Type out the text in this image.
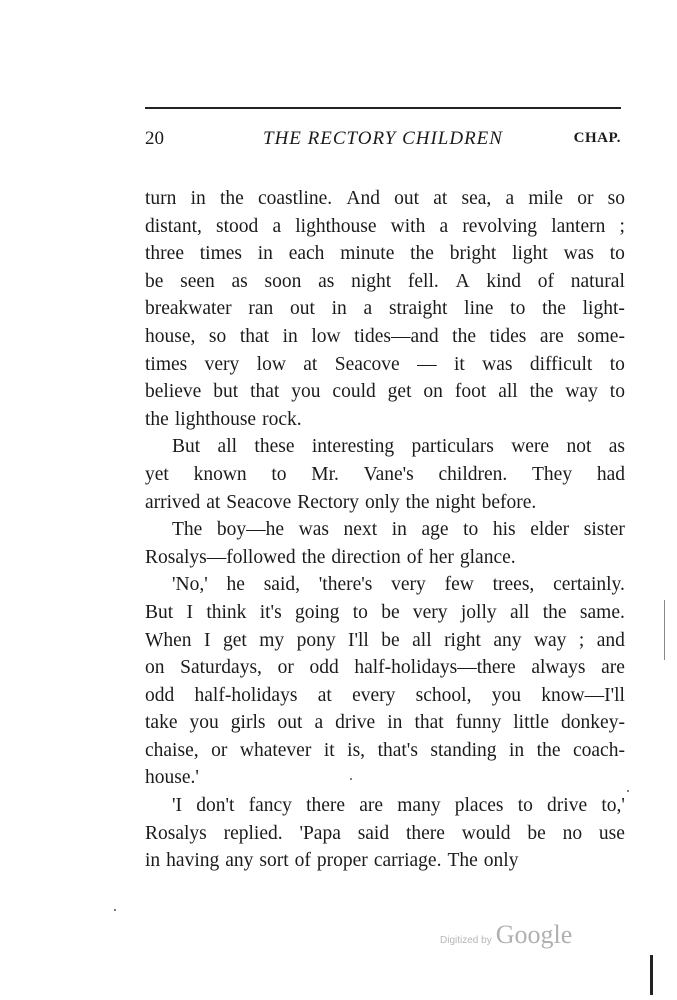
20	THE RECTORY CHILDREN	CHAP.
turn in the coastline. And out at sea, a mile or so
distant, stood a lighthouse with a revolving lantern ;
three times in each minute the bright light was to
be seen as soon as night fell. A kind of natural
breakwater ran out in a straight line to the light-
house, so that in low tides—and the tides are some-
times very low at Seacove — it was difficult to
believe but that you could get on foot all the way to
the lighthouse rock.
But all these interesting particulars were not as
yet known to Mr. Vane's children. They had
arrived at Seacove Rectory only the night before.
The boy—he was next in age to his elder sister
Rosalys—followed the direction of her glance.
'No,' he said, 'there's very few trees, certainly.
But I think it's going to be very jolly all the same.
When I get my pony I'll be all right any way ; and
on Saturdays, or odd half-holidays—there always are
odd half-holidays at every school, you know—I'll
take you girls out a drive in that funny little donkey-
chaise, or whatever it is, that's standing in the coach-
house.'
'I don't fancy there are many places to drive to,'
Rosalys replied. 'Papa said there would be no use
in having any sort of proper carriage. The only
Digitized by Google
